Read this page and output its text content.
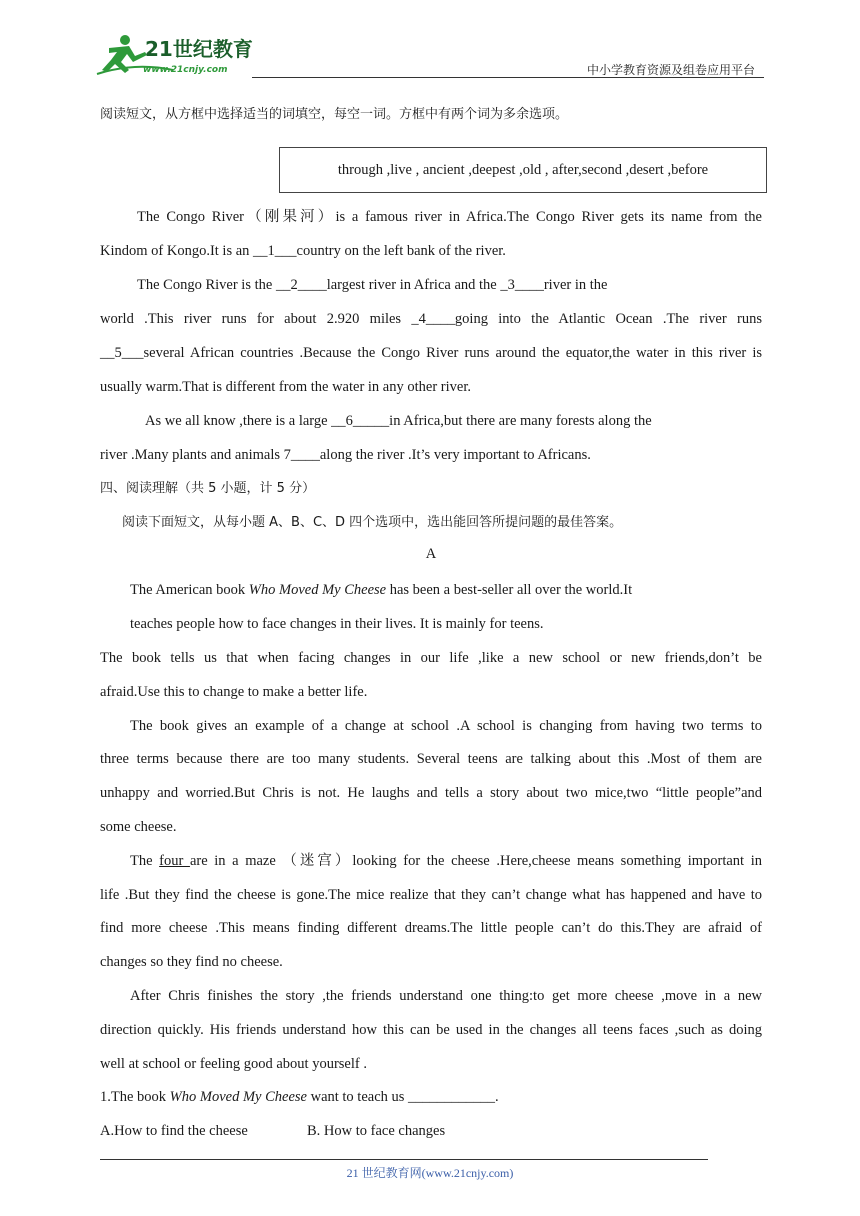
21世纪教育
www.21cnjy.com	中小学教育资源及组卷应用平台
阅读短文，从方框中选择适当的词填空，每空一词。方框中有两个词为多余选项。
through ,live , ancient ,deepest ,old , after,second ,desert ,before
The Congo River（刚果河）is a famous river in Africa.The Congo River gets its name from the
Kindom of Kongo.It is an __1___country on the left bank of the river.
The Congo River is the __2____largest river in Africa and the _3____river in the
world .This river runs for about 2.920 miles _4____going into the Atlantic Ocean .The river runs
__5___several African countries .Because the Congo River runs around the equator,the water in this river is
usually warm.That is different from the water in any other river.
As we all know ,there is a large __6_____in Africa,but there are many forests along the
river .Many plants and animals 7____along the river .It’s very important to Africans.
四、阅读理解（共 5 小题，计 5 分）
阅读下面短文，从每小题 A、B、C、D 四个选项中，选出能回答所提问题的最佳答案。
A
The American book Who Moved My Cheese has been a best-seller all over the world.It
teaches people how to face changes in their lives. It is mainly for teens.
The book tells us that when facing changes in our life ,like a new school or new friends,don’t be
afraid.Use this to change to make a better life.
The book gives an example of a change at school .A school is changing from having two terms to
three terms because there are too many students. Several teens are talking about this .Most of them are
unhappy and worried.But Chris is not. He laughs and tells a story about two mice,two “little people”and
some cheese.
The four are in a maze （迷宫）looking for the cheese .Here,cheese means something important in
life .But they find the cheese is gone.The mice realize that they can’t change what has happened and have to
find more cheese .This means finding different dreams.The little people can’t do this.They are afraid of
changes so they find no cheese.
After Chris finishes the story ,the friends understand one thing:to get more cheese ,move in a new
direction quickly. His friends understand how this can be used in the changes all teens faces ,such as doing
well at school or feeling good about yourself .
1.The book Who Moved My Cheese want to teach us ____________.
A.How to find the cheese	B. How to face changes
21 世纪教育网(www.21cnjy.com)
